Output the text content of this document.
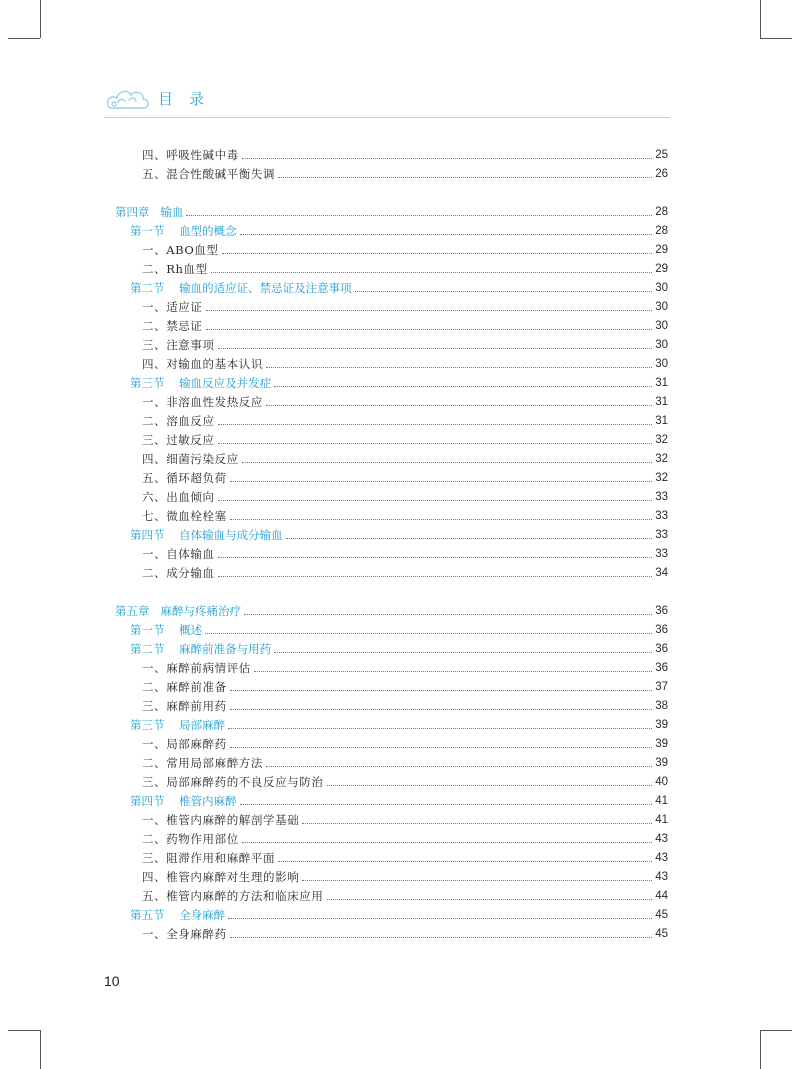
目 录
四、呼吸性碱中毒	25
五、混合性酸碱平衡失调	26
第四章   输血	28
第一节    血型的概念	28
一、ABO血型	29
二、Rh血型	29
第二节    输血的适应证、禁忌证及注意事项	30
一、适应证	30
二、禁忌证	30
三、注意事项	30
四、对输血的基本认识	30
第三节    输血反应及并发症	31
一、非溶血性发热反应	31
二、溶血反应	31
三、过敏反应	32
四、细菌污染反应	32
五、循环超负荷	32
六、出血倾向	33
七、微血栓栓塞	33
第四节    自体输血与成分输血	33
一、自体输血	33
二、成分输血	34
第五章   麻醉与疼痛治疗	36
第一节    概述	36
第二节    麻醉前准备与用药	36
一、麻醉前病情评估	36
二、麻醉前准备	37
三、麻醉前用药	38
第三节    局部麻醉	39
一、局部麻醉药	39
二、常用局部麻醉方法	39
三、局部麻醉药的不良反应与防治	40
第四节    椎管内麻醉	41
一、椎管内麻醉的解剖学基础	41
二、药物作用部位	43
三、阻滞作用和麻醉平面	43
四、椎管内麻醉对生理的影响	43
五、椎管内麻醉的方法和临床应用	44
第五节    全身麻醉	45
一、全身麻醉药	45
10
